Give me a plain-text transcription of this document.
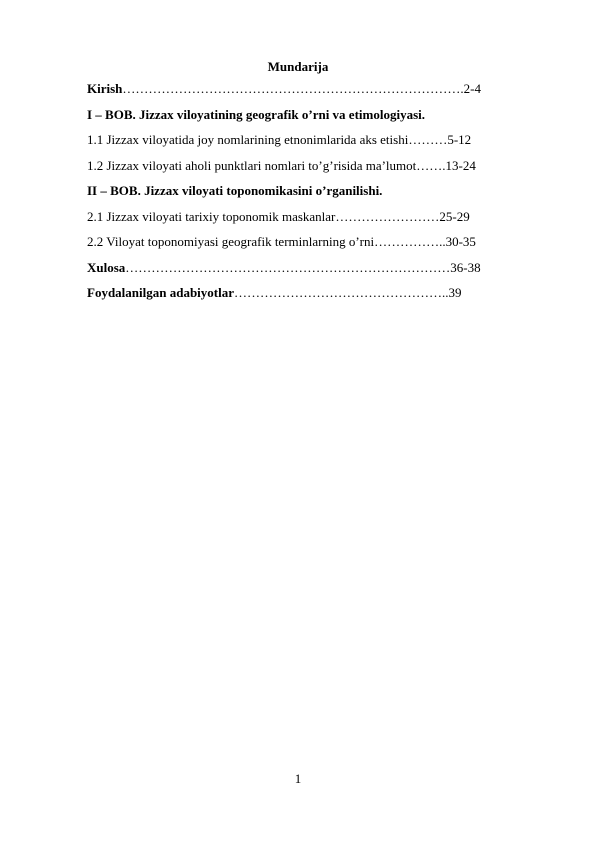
Mundarija
Kirish…………………………………………………………………….2-4
I – BOB. Jizzax viloyatining geografik o’rni va etimologiyasi.
1.1 Jizzax viloyatida joy nomlarining etnonimlarida aks etishi………5-12
1.2 Jizzax viloyati aholi punktlari nomlari to’g’risida ma’lumot…….13-24
II – BOB. Jizzax viloyati toponomikasini o’rganilishi.
2.1 Jizzax viloyati tarixiy toponomik maskanlar……………………25-29
2.2 Viloyat toponomiyasi geografik terminlarning o’rni……………..30-35
Xulosa…………………………………………………………………36-38
Foydalanilgan adabiyotlar…………………………………………..39
1
